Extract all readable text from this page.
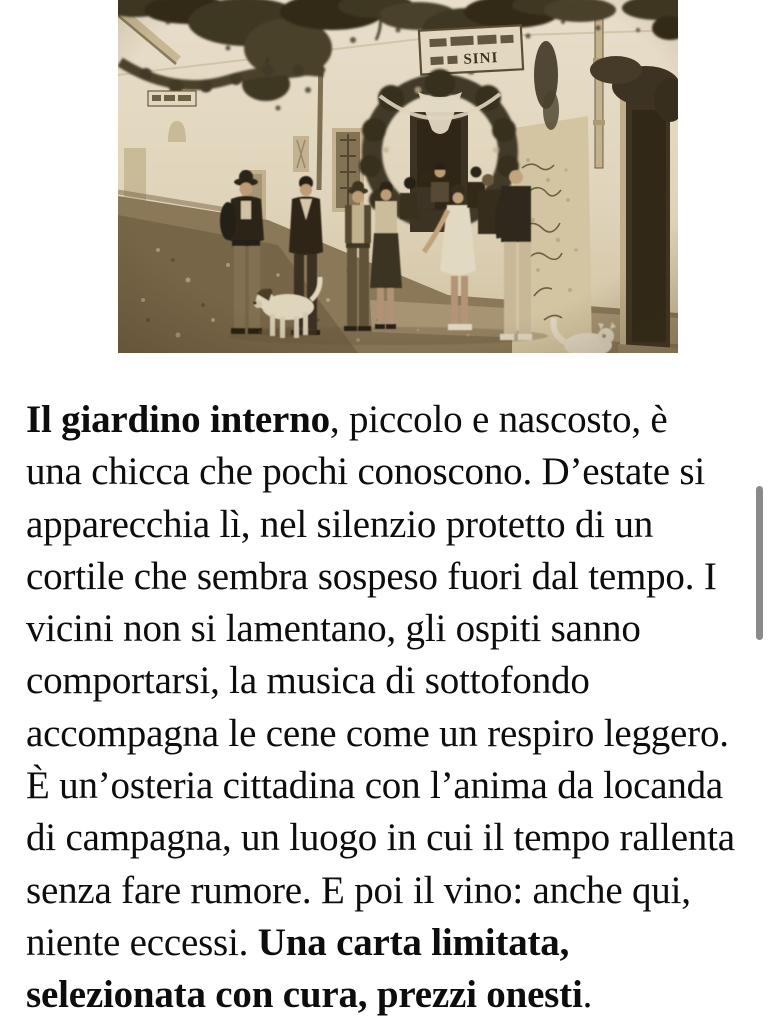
Il giardino interno, piccolo e nascosto, è
una chicca che pochi conoscono. D’estate si
apparecchia lì, nel silenzio protetto di un
cortile che sembra sospeso fuori dal tempo. I
vicini non si lamentano, gli ospiti sanno
comportarsi, la musica di sottofondo
accompagna le cene come un respiro leggero.
È un’osteria cittadina con l’anima da locanda
di campagna, un luogo in cui il tempo rallenta
senza fare rumore. E poi il vino: anche qui,
niente eccessi. Una carta limitata,
selezionata con cura, prezzi onesti.
